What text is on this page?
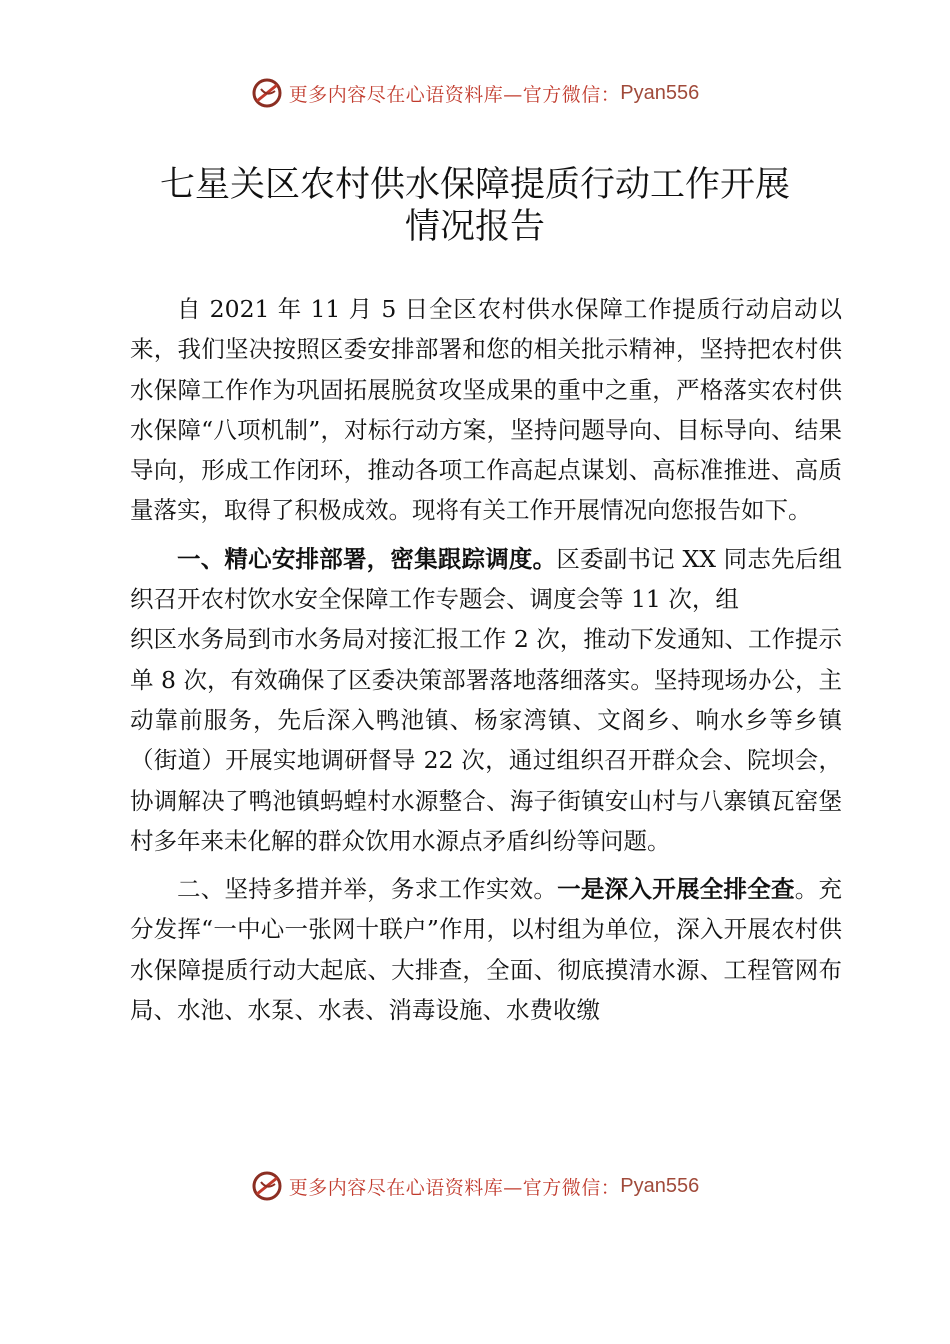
更多内容尽在心语资料库—官方微信： Pyan556
七星关区农村供水保障提质行动工作开展
情况报告

自 2021 年 11 月 5 日全区农村供水保障工作提质行动启动以来，我们坚决按照区委安排部署和您的相关批示精神，坚持把农村供水保障工作作为巩固拓展脱贫攻坚成果的重中之重，严格落实农村供水保障“八项机制”，对标行动方案，坚持问题导向、目标导向、结果导向，形成工作闭环，推动各项工作高起点谋划、高标准推进、高质量落实，取得了积极成效。现将有关工作开展情况向您报告如下。

一、精心安排部署，密集跟踪调度。区委副书记 XX 同志先后组织召开农村饮水安全保障工作专题会、调度会等 11 次，组

织区水务局到市水务局对接汇报工作 2 次，推动下发通知、工作提示单 8 次，有效确保了区委决策部署落地落细落实。坚持现场办公，主动靠前服务，先后深入鸭池镇、杨家湾镇、文阁乡、响水乡等乡镇（街道）开展实地调研督导 22 次，通过组织召开群众会、院坝会，协调解决了鸭池镇蚂蝗村水源整合、海子街镇安山村与八寨镇瓦窑堡村多年来未化解的群众饮用水源点矛盾纠纷等问题。

二、坚持多措并举，务求工作实效。一是深入开展全排全查。充分发挥“一中心一张网十联户”作用，以村组为单位，深入开展农村供水保障提质行动大起底、大排查，全面、彻底摸清水源、工程管网布局、水池、水泵、水表、消毒设施、水费收缴

更多内容尽在心语资料库—官方微信： Pyan556
